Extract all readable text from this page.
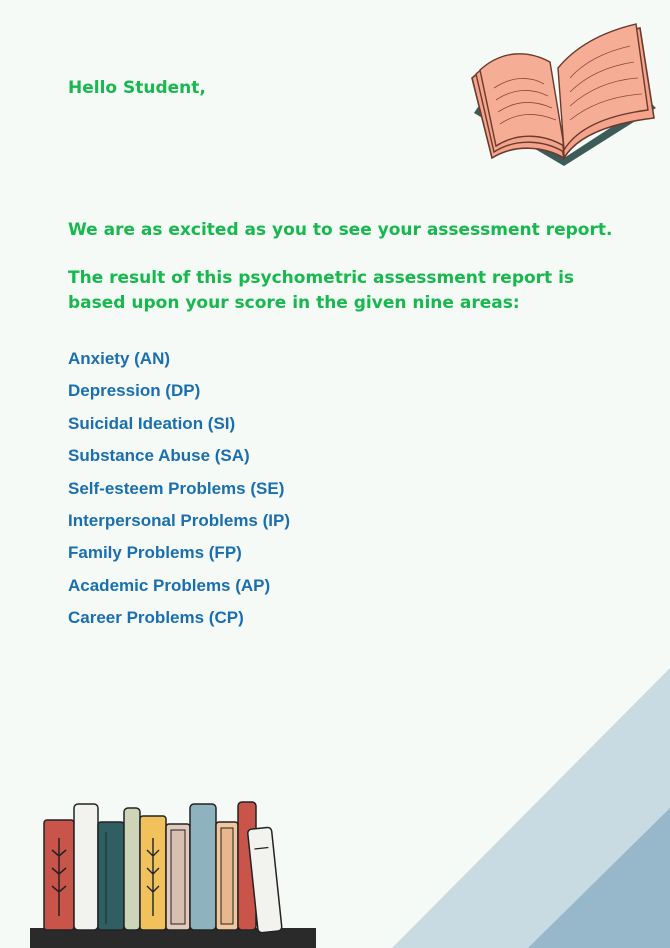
Hello Student,

We are as excited as you to see your assessment report.

The result of this psychometric assessment report is based upon your score in the given nine areas:

Anxiety (AN)
Depression (DP)
Suicidal Ideation (SI)
Substance Abuse (SA)
Self-esteem Problems (SE)
Interpersonal Problems (IP)
Family Problems (FP)
Academic Problems (AP)
Career Problems (CP)
